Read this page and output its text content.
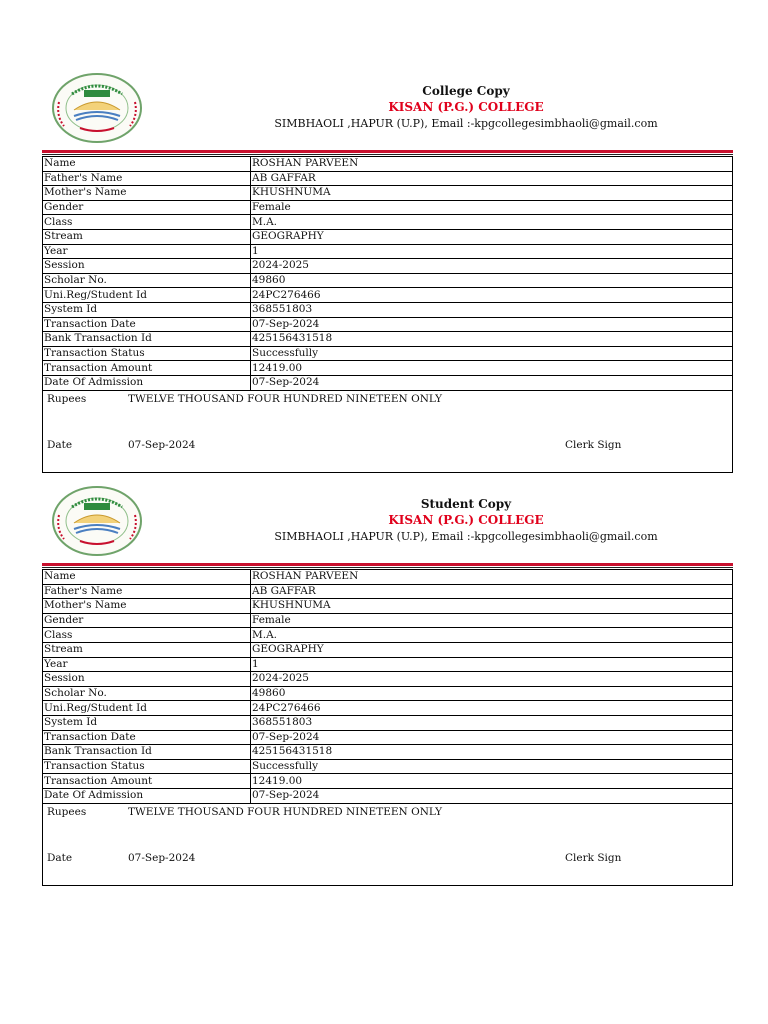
College Copy
KISAN (P.G.) COLLEGE
SIMBHAOLI ,HAPUR (U.P), Email :-kpgcollegesimbhaoli@gmail.com
Name	ROSHAN PARVEEN
Father's Name	AB GAFFAR
Mother's Name	KHUSHNUMA
Gender	Female
Class	M.A.
Stream	GEOGRAPHY
Year	1
Session	2024-2025
Scholar No.	49860
Uni.Reg/Student Id	24PC276466
System Id	368551803
Transaction Date	07-Sep-2024
Bank Transaction Id	425156431518
Transaction Status	Successfully
Transaction Amount	12419.00
Date Of Admission	07-Sep-2024
Rupees	TWELVE THOUSAND FOUR HUNDRED NINETEEN ONLY
Date	07-Sep-2024	Clerk Sign
Student Copy
KISAN (P.G.) COLLEGE
SIMBHAOLI ,HAPUR (U.P), Email :-kpgcollegesimbhaoli@gmail.com
Name	ROSHAN PARVEEN
Father's Name	AB GAFFAR
Mother's Name	KHUSHNUMA
Gender	Female
Class	M.A.
Stream	GEOGRAPHY
Year	1
Session	2024-2025
Scholar No.	49860
Uni.Reg/Student Id	24PC276466
System Id	368551803
Transaction Date	07-Sep-2024
Bank Transaction Id	425156431518
Transaction Status	Successfully
Transaction Amount	12419.00
Date Of Admission	07-Sep-2024
Rupees	TWELVE THOUSAND FOUR HUNDRED NINETEEN ONLY
Date	07-Sep-2024	Clerk Sign
